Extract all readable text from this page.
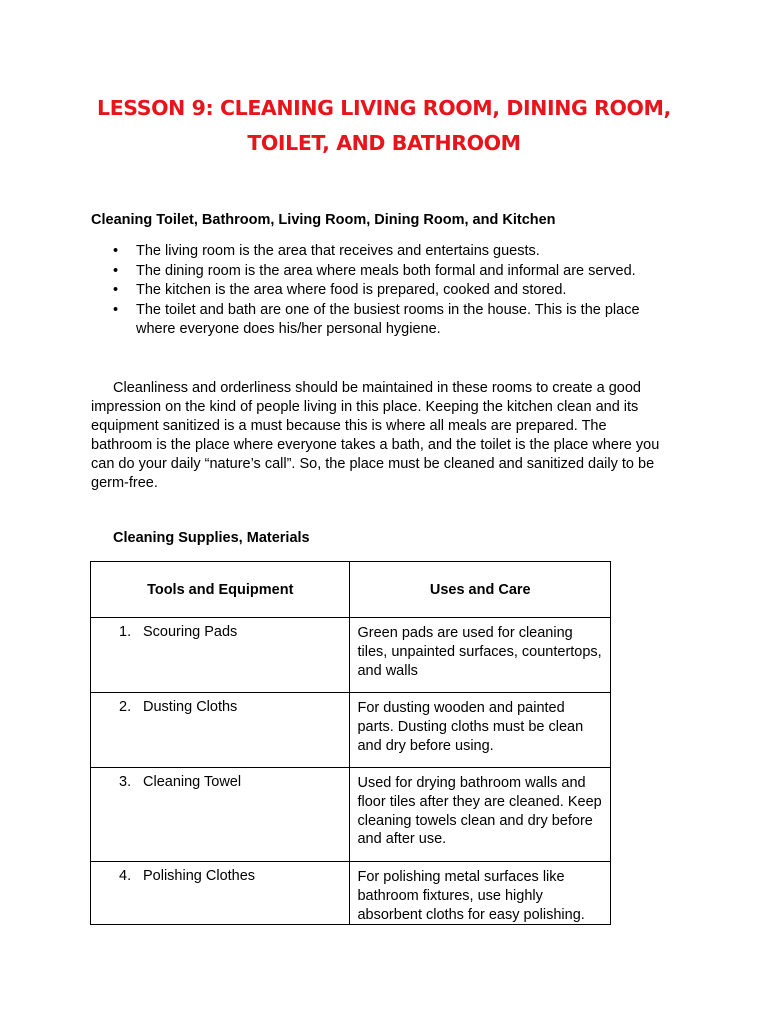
LESSON 9: CLEANING LIVING ROOM, DINING ROOM,
TOILET, AND BATHROOM
Cleaning Toilet, Bathroom, Living Room, Dining Room, and Kitchen
• The living room is the area that receives and entertains guests.
• The dining room is the area where meals both formal and informal are served.
• The kitchen is the area where food is prepared, cooked and stored.
• The toilet and bath are one of the busiest rooms in the house. This is the place where everyone does his/her personal hygiene.

Cleanliness and orderliness should be maintained in these rooms to create a good impression on the kind of people living in this place. Keeping the kitchen clean and its equipment sanitized is a must because this is where all meals are prepared. The bathroom is the place where everyone takes a bath, and the toilet is the place where you can do your daily “nature’s call”. So, the place must be cleaned and sanitized daily to be germ-free.

Cleaning Supplies, Materials
Tools and Equipment	Uses and Care
1. Scouring Pads	Green pads are used for cleaning tiles, unpainted surfaces, countertops, and walls
2. Dusting Cloths	For dusting wooden and painted parts. Dusting cloths must be clean and dry before using.
3. Cleaning Towel	Used for drying bathroom walls and floor tiles after they are cleaned. Keep cleaning towels clean and dry before and after use.
4. Polishing Clothes	For polishing metal surfaces like bathroom fixtures, use highly absorbent cloths for easy polishing.
